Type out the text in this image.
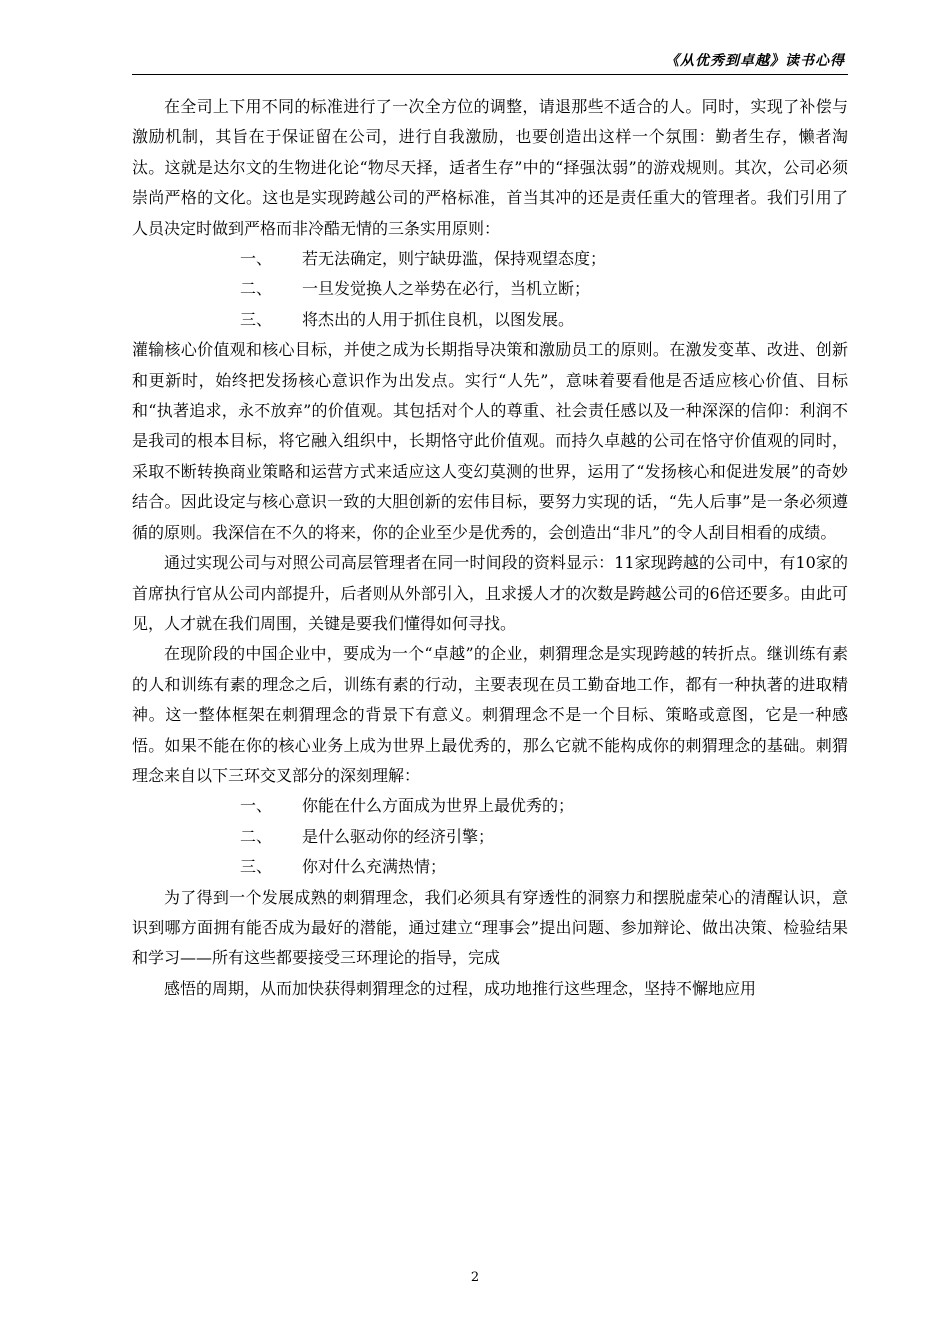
《从优秀到卓越》读书心得

在全司上下用不同的标准进行了一次全方位的调整，请退那些不适合的人。同时，实现了补偿与激励机制，其旨在于保证留在公司，进行自我激励，也要创造出这样一个氛围：勤者生存，懒者淘汰。这就是达尔文的生物进化论“物尽天择，适者生存”中的“择强汰弱”的游戏规则。其次，公司必须崇尚严格的文化。这也是实现跨越公司的严格标准，首当其冲的还是责任重大的管理者。我们引用了人员决定时做到严格而非冷酷无情的三条实用原则：

一、	若无法确定，则宁缺毋滥，保持观望态度；
二、	一旦发觉换人之举势在必行，当机立断；
三、	将杰出的人用于抓住良机，以图发展。

灌输核心价值观和核心目标，并使之成为长期指导决策和激励员工的原则。在激发变革、改进、创新和更新时，始终把发扬核心意识作为出发点。实行“人先”，意味着要看他是否适应核心价值、目标和“执著追求，永不放弃”的价值观。其包括对个人的尊重、社会责任感以及一种深深的信仰：利润不是我司的根本目标，将它融入组织中，长期恪守此价值观。而持久卓越的公司在恪守价值观的同时，采取不断转换商业策略和运营方式来适应这人变幻莫测的世界，运用了“发扬核心和促进发展”的奇妙结合。因此设定与核心意识一致的大胆创新的宏伟目标，要努力实现的话，“先人后事”是一条必须遵循的原则。我深信在不久的将来，你的企业至少是优秀的，会创造出“非凡”的令人刮目相看的成绩。

通过实现公司与对照公司高层管理者在同一时间段的资料显示：11家现跨越的公司中，有10家的首席执行官从公司内部提升，后者则从外部引入，且求援人才的次数是跨越公司的6倍还要多。由此可见，人才就在我们周围，关键是要我们懂得如何寻找。

在现阶段的中国企业中，要成为一个“卓越”的企业，刺猬理念是实现跨越的转折点。继训练有素的人和训练有素的理念之后，训练有素的行动，主要表现在员工勤奋地工作，都有一种执著的进取精神。这一整体框架在刺猬理念的背景下有意义。刺猬理念不是一个目标、策略或意图，它是一种感悟。如果不能在你的核心业务上成为世界上最优秀的，那么它就不能构成你的刺猬理念的基础。刺猬理念来自以下三环交叉部分的深刻理解：

一、	你能在什么方面成为世界上最优秀的；
二、	是什么驱动你的经济引擎；
三、	你对什么充满热情；

为了得到一个发展成熟的刺猬理念，我们必须具有穿透性的洞察力和摆脱虚荣心的清醒认识，意识到哪方面拥有能否成为最好的潜能，通过建立“理事会”提出问题、参加辩论、做出决策、检验结果和学习——所有这些都要接受三环理论的指导，完成

感悟的周期，从而加快获得刺猬理念的过程，成功地推行这些理念，坚持不懈地应用

2
